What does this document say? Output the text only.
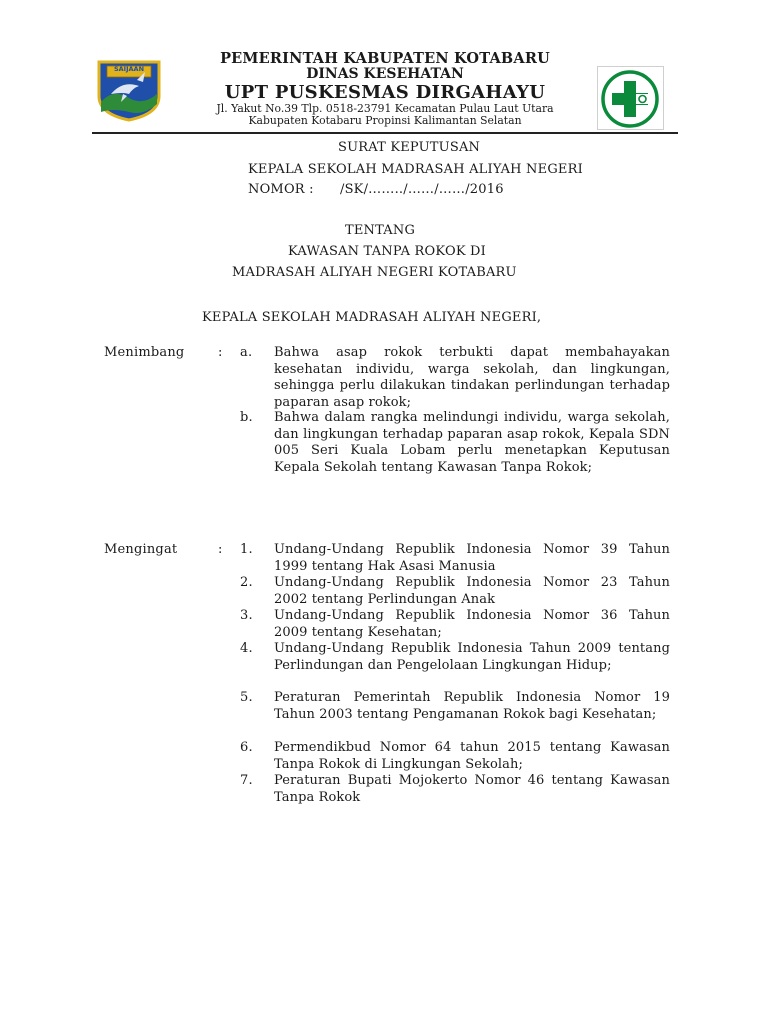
SAIJAAN
PEMERINTAH KABUPATEN KOTABARU
DINAS KESEHATAN
UPT PUSKESMAS DIRGAHAYU
Jl. Yakut No.39 Tlp. 0518-23791 Kecamatan Pulau Laut Utara
Kabupaten Kotabaru Propinsi Kalimantan Selatan
SURAT KEPUTUSAN
KEPALA SEKOLAH MADRASAH ALIYAH NEGERI
NOMOR : /SK/……../……/……/2016
TENTANG
KAWASAN TANPA ROKOK DI
MADRASAH ALIYAH NEGERI KOTABARU
KEPALA SEKOLAH MADRASAH ALIYAH NEGERI,
Menimbang	: a. Bahwa asap rokok terbukti dapat membahayakan kesehatan individu, warga sekolah, dan lingkungan, sehingga perlu dilakukan tindakan perlindungan terhadap paparan asap rokok;
b. Bahwa dalam rangka melindungi individu, warga sekolah, dan lingkungan terhadap paparan asap rokok, Kepala SDN 005 Seri Kuala Lobam perlu menetapkan Keputusan Kepala Sekolah tentang Kawasan Tanpa Rokok;
Mengingat	: 1. Undang-Undang Republik Indonesia Nomor 39 Tahun 1999 tentang Hak Asasi Manusia
2. Undang-Undang Republik Indonesia Nomor 23 Tahun 2002 tentang Perlindungan Anak
3. Undang-Undang Republik Indonesia Nomor 36 Tahun 2009 tentang Kesehatan;
4. Undang-Undang Republik Indonesia Tahun 2009 tentang Perlindungan dan Pengelolaan Lingkungan Hidup;
5. Peraturan Pemerintah Republik Indonesia Nomor 19 Tahun 2003 tentang Pengamanan Rokok bagi Kesehatan;
6. Permendikbud Nomor 64 tahun 2015 tentang Kawasan Tanpa Rokok di Lingkungan Sekolah;
7. Peraturan Bupati Mojokerto Nomor 46 tentang Kawasan Tanpa Rokok
